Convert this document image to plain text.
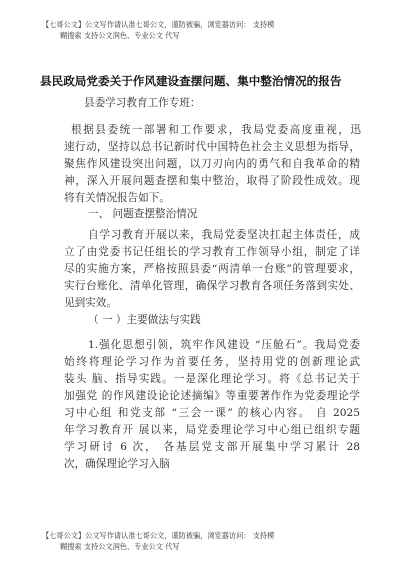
【七哥公文】公文写作请认准七哥公文，谨防被骗，浏览器访问： 支持模
糊搜索 支持公文润色、专业公文 代写
县民政局党委关于作风建设查摆问题、集中整治情况的报告
县委学习教育工作专班：
根据县委统一部署和工作要求，我局党委高度重视，迅
速行动，坚持以总书记新时代中国特色社会主义思想为指导，
聚焦作风建设突出问题，以刀刃向内的勇气和自我革命的精
神，深入开展问题查摆和集中整治，取得了阶段性成效。现
将有关情况报告如下。
一、 问题查摆整治情况
自学习教育开展以来，我局党委坚决扛起主体责任，成
立了由党委书记任组长的学习教育工作领导小组，制定了详
尽的实施方案，严格按照县委“两清单一台账”的管理要求，
实行台账化、清单化管理，确保学习教育各项任务落到实处、
见到实效。
（ 一 ）主要做法与实践
1.强化思想引领，筑牢作风建设 “压舱石”。我局党委
始终将理论学习作为首要任务，坚持用党的创新理论武
装头 脑、指导实践。一是深化理论学习。将《总书记关于
加强党 的作风建设论论述摘编》等重要著作作为党委理论学
习中心组 和党支部 “三会一课” 的核心内容。 自 2025
年学习教育开 展以来，局党委理论学习中心组已组织专题
学习研讨 6 次， 各基层党支部开展集中学习累计 28
次，确保理论学习入脑
【七哥公文】公文写作请认准七哥公文，谨防被骗，浏览器访问： 支持模
糊搜索 支持公文润色、专业公文 代写
